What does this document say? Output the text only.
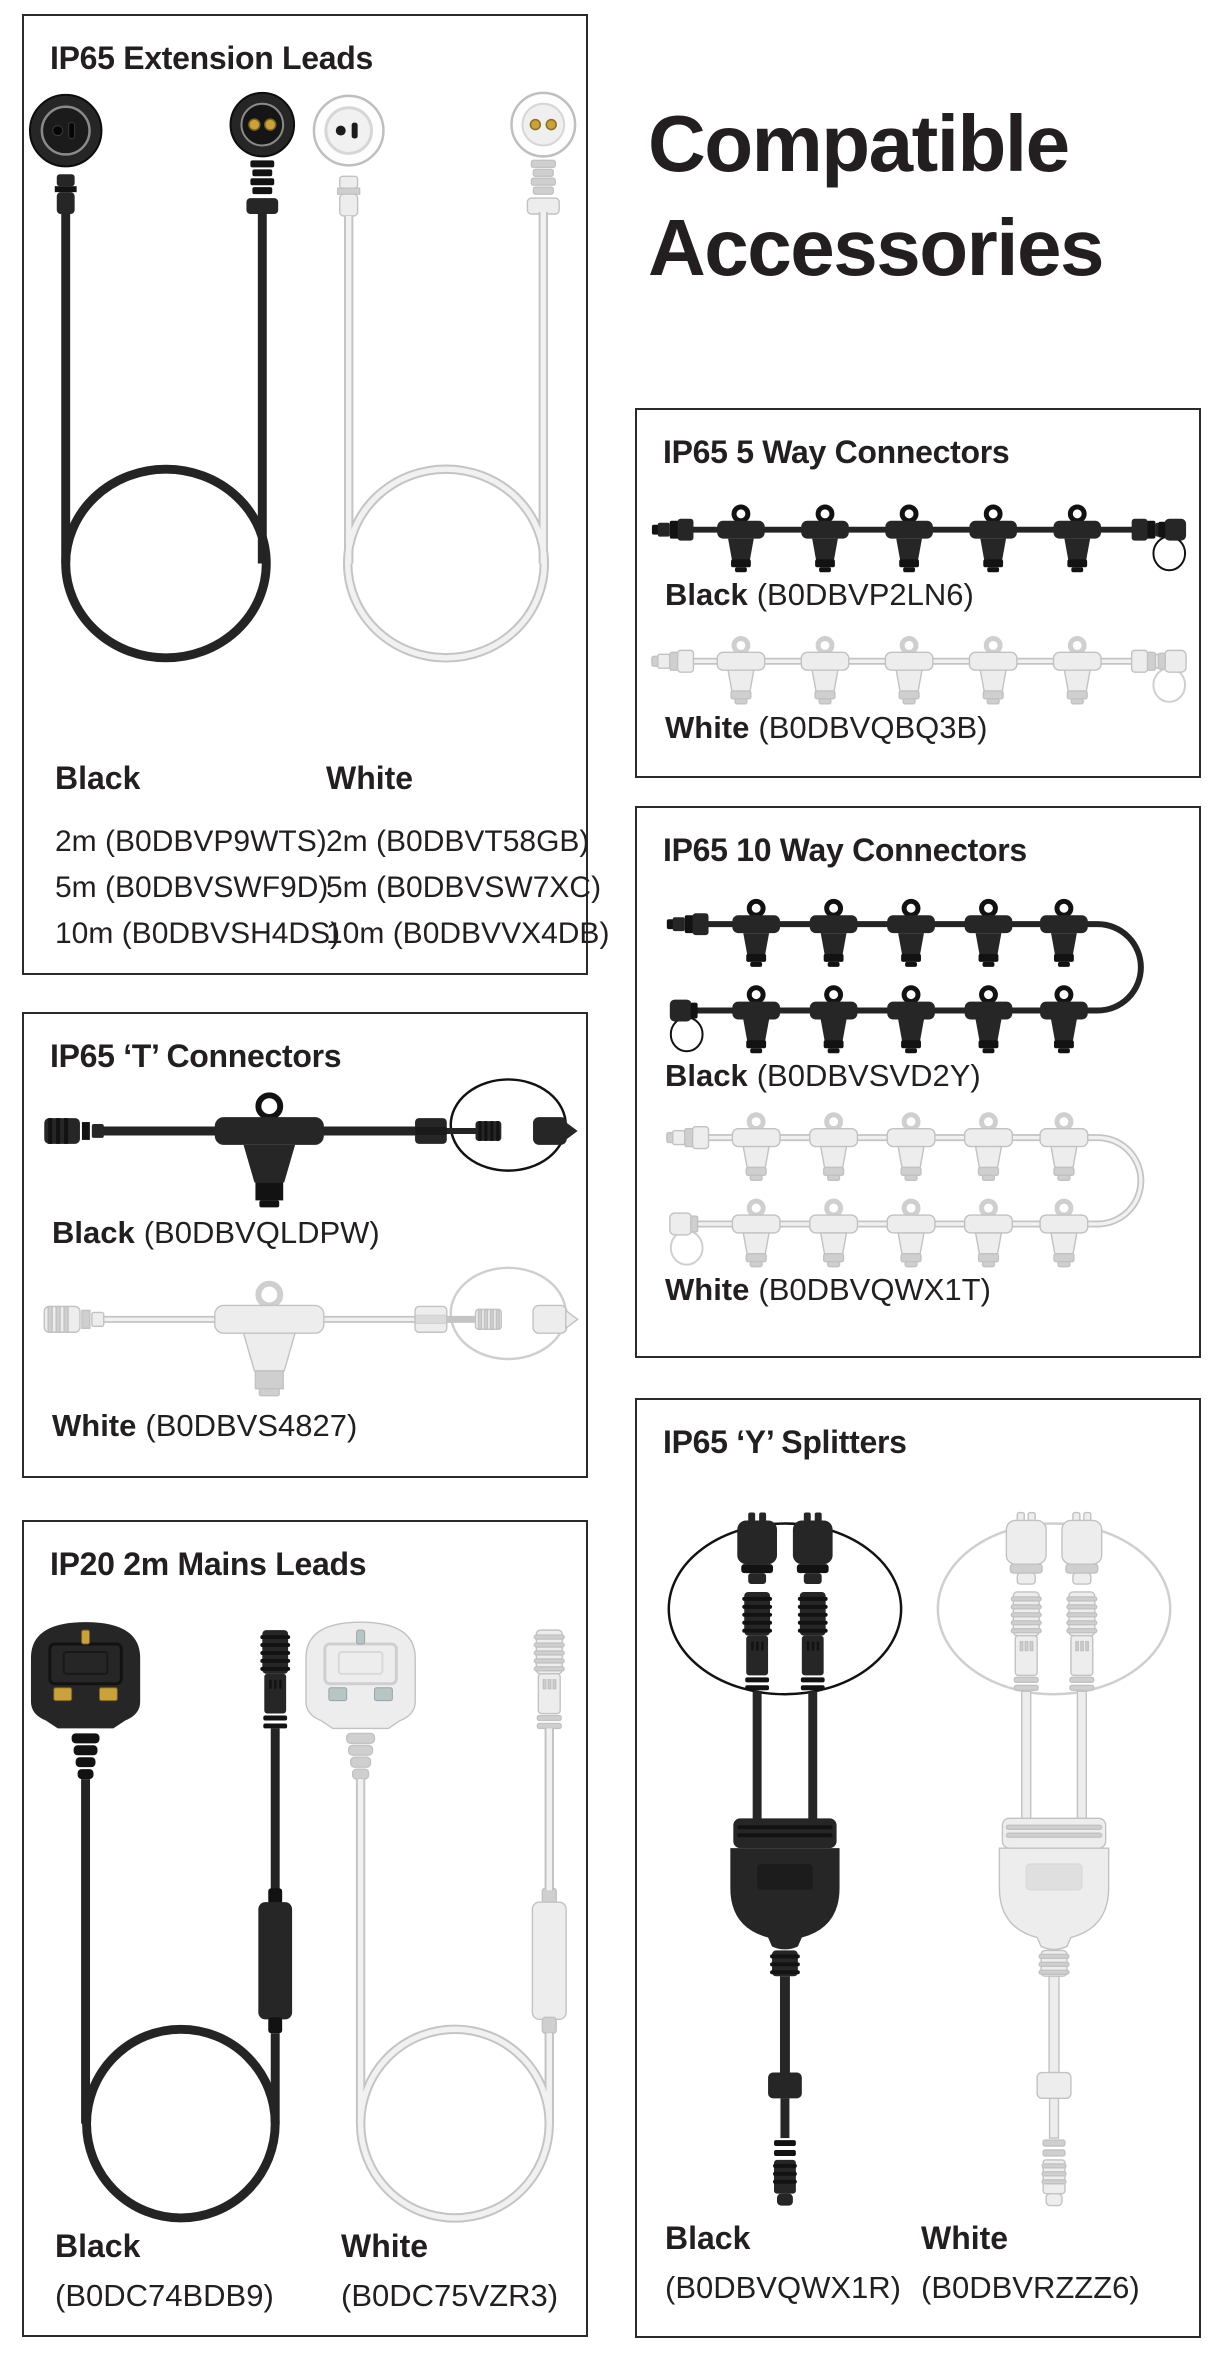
Compatible Accessories
IP65 Extension Leads
Black

2m (B0DBVP9WTS)

5m (B0DBVSWF9D)

10m (B0DBVSH4DS)

White

2m (B0DBVT58GB)

5m (B0DBVSW7XC)

10m (B0DBVVX4DB)

IP65 5 Way Connectors

Black (B0DBVP2LN6)

White (B0DBVQBQ3B)

IP65 10 Way Connectors

Black (B0DBVSVD2Y)

White (B0DBVQWX1T)

IP65 ‘T’ Connectors

Black (B0DBVQLDPW)

White (B0DBVS4827)

IP20 2m Mains Leads
Black

(B0DC74BDB9)

White

(B0DC75VZR3)

IP65 ‘Y’ Splitters
Black

(B0DBVQWX1R)

White

(B0DBVRZZZ6)
